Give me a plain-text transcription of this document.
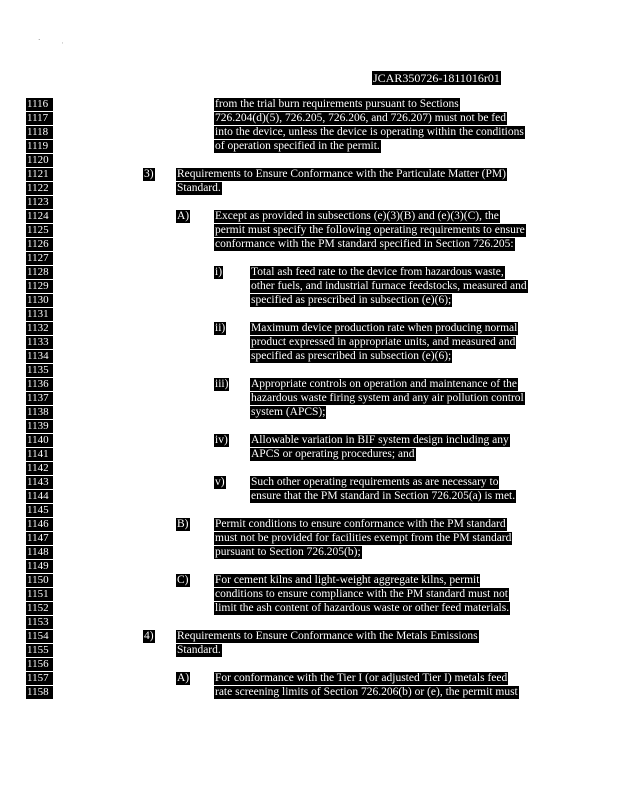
·            ˌ
JCAR350726-1811016r01
1116	from the trial burn requirements pursuant to Sections
1117	726.204(d)(5), 726.205, 726.206, and 726.207) must not be fed
1118	into the device, unless the device is operating within the conditions
1119	of operation specified in the permit.
1120
1121	3) Requirements to Ensure Conformance with the Particulate Matter (PM)
1122	Standard.
1123
1124	A) Except as provided in subsections (e)(3)(B) and (e)(3)(C), the
1125	permit must specify the following operating requirements to ensure
1126	conformance with the PM standard specified in Section 726.205:
1127
1128	i)	Total ash feed rate to the device from hazardous waste,
1129	other fuels, and industrial furnace feedstocks, measured and
1130	specified as prescribed in subsection (e)(6);
1131
1132	ii) Maximum device production rate when producing normal
1133	product expressed in appropriate units, and measured and
1134	specified as prescribed in subsection (e)(6);
1135
1136	iii) Appropriate controls on operation and maintenance of the
1137	hazardous waste firing system and any air pollution control
1138	system (APCS);
1139
1140	iv) Allowable variation in BIF system design including any
1141	APCS or operating procedures; and
1142
1143	v) Such other operating requirements as are necessary to
1144	ensure that the PM standard in Section 726.205(a) is met.
1145
1146	B) Permit conditions to ensure conformance with the PM standard
1147	must not be provided for facilities exempt from the PM standard
1148	pursuant to Section 726.205(b);
1149
1150	C) For cement kilns and light-weight aggregate kilns, permit
1151	conditions to ensure compliance with the PM standard must not
1152	limit the ash content of hazardous waste or other feed materials.
1153
1154	4) Requirements to Ensure Conformance with the Metals Emissions
1155	Standard.
1156
1157	A) For conformance with the Tier I (or adjusted Tier I) metals feed
1158	rate screening limits of Section 726.206(b) or (e), the permit must
